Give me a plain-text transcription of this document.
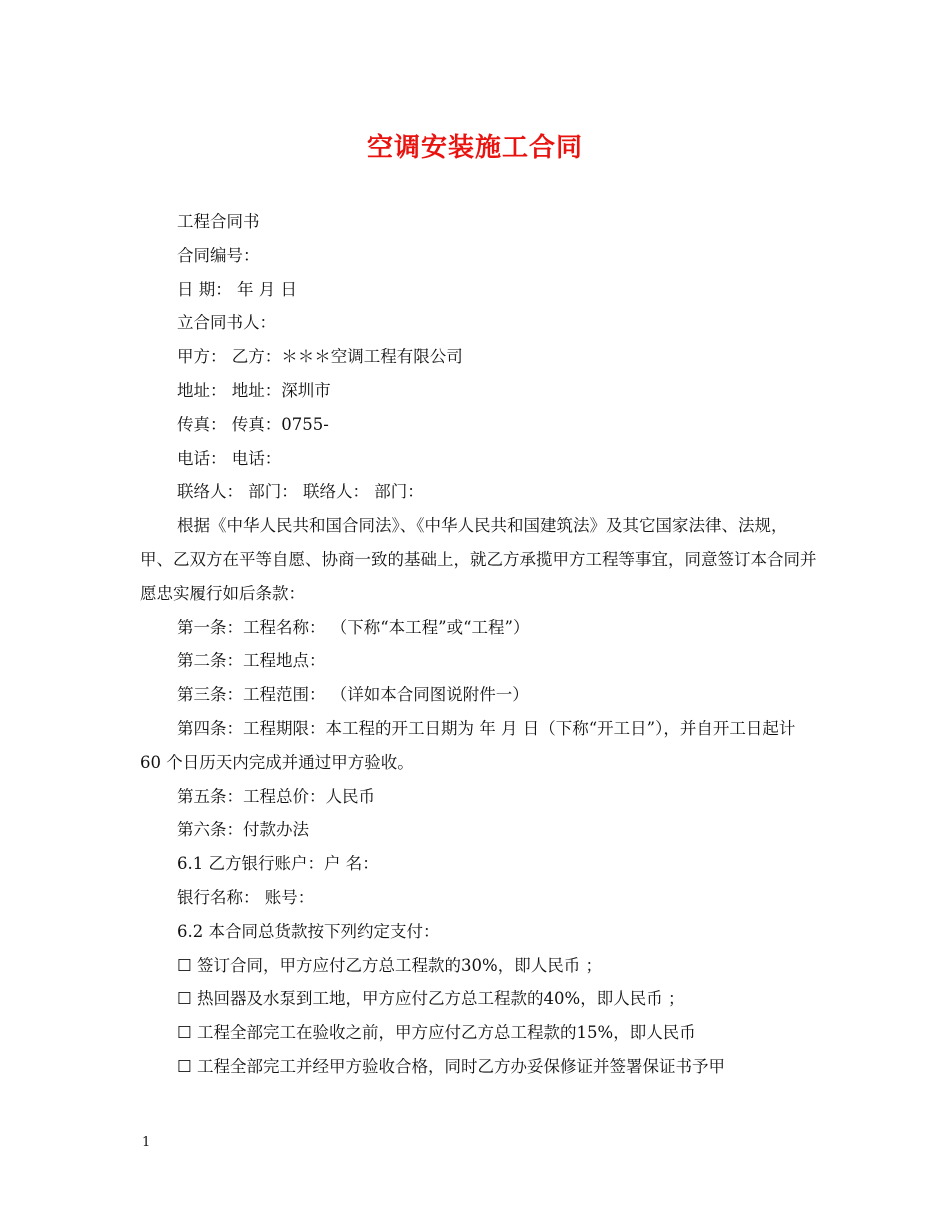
空调安装施工合同
工程合同书
合同编号：
日 期： 年 月 日
立合同书人：
甲方： 乙方：＊＊＊空调工程有限公司
地址： 地址：深圳市
传真： 传真：0755-
电话： 电话：
联络人： 部门： 联络人： 部门：
根据《中华人民共和国合同法》、《中华人民共和国建筑法》及其它国家法律、法规，甲、乙双方在平等自愿、协商一致的基础上，就乙方承揽甲方工程等事宜，同意签订本合同并愿忠实履行如后条款：
第一条：工程名称： （下称“本工程”或“工程”）
第二条：工程地点：
第三条：工程范围： （详如本合同图说附件一）
第四条：工程期限：本工程的开工日期为 年 月 日（下称“开工日”），并自开工日起计 60 个日历天内完成并通过甲方验收。
第五条：工程总价：人民币
第六条：付款办法
6.1 乙方银行账户：户 名：
银行名称： 账号：
6.2 本合同总货款按下列约定支付：
☐ 签订合同，甲方应付乙方总工程款的30%，即人民币 ；
☐ 热回器及水泵到工地，甲方应付乙方总工程款的40%，即人民币 ；
☐ 工程全部完工在验收之前，甲方应付乙方总工程款的15%，即人民币
☐ 工程全部完工并经甲方验收合格，同时乙方办妥保修证并签署保证书予甲
1
